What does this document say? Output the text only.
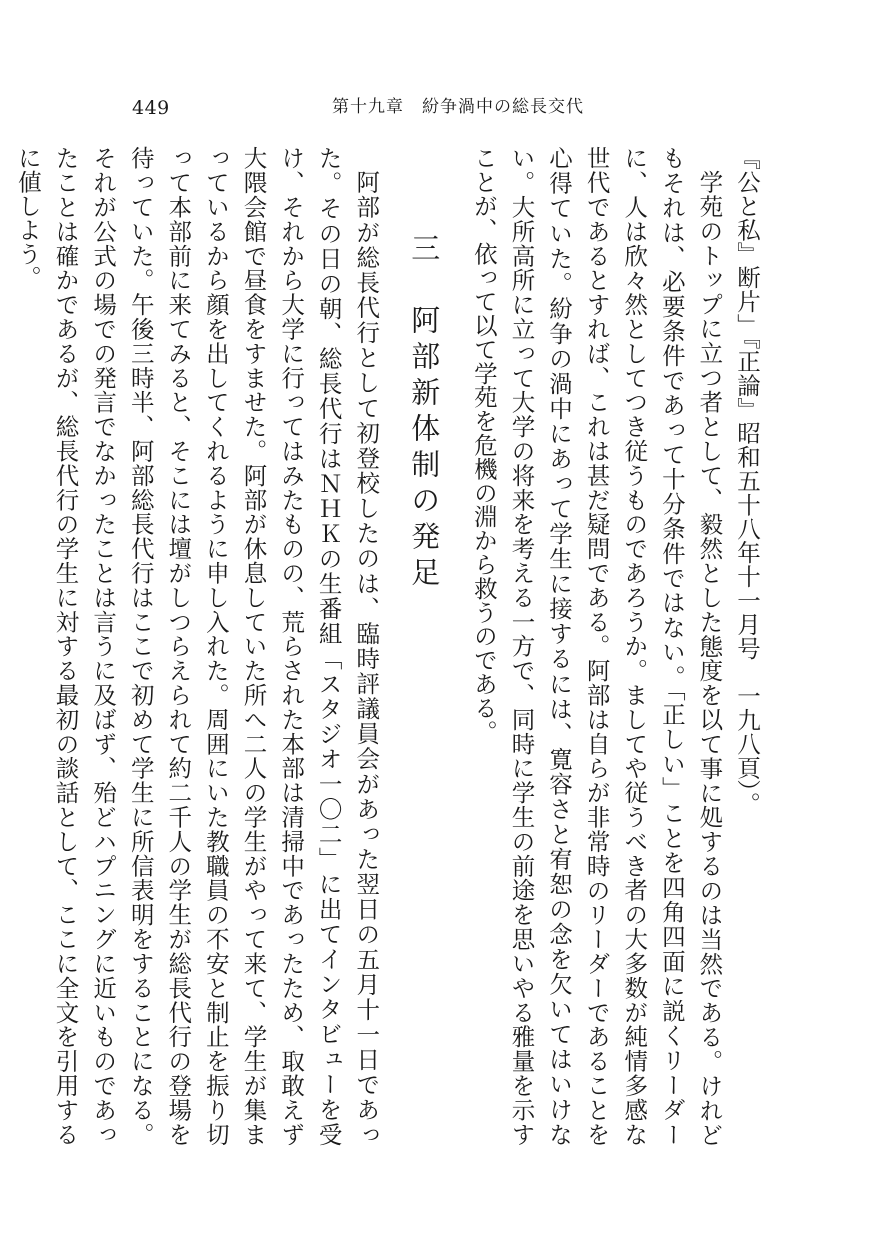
449	第十九章　紛争渦中の総長交代

『公と私』断片」『正論』昭和五十八年十一月号　一九八頁）。

学苑のトップに立つ者として、毅然とした態度を以て事に処するのは当然である。けれどもそれは、必要条件であって十分条件ではない。「正しい」ことを四角四面に説くリーダーに、人は欣々然としてつき従うものであろうか。ましてや従うべき者の大多数が純情多感な世代であるとすれば、これは甚だ疑問である。阿部は自らが非常時のリーダーであることを心得ていた。紛争の渦中にあって学生に接するには、寛容さと宥恕の念を欠いてはいけない。大所高所に立って大学の将来を考える一方で、同時に学生の前途を思いやる雅量を示すことが、依って以て学苑を危機の淵から救うのである。

三　阿部新体制の発足

阿部が総長代行として初登校したのは、臨時評議員会があった翌日の五月十一日であった。その日の朝、総長代行はＮＨＫの生番組「スタジオ一〇二」に出てインタビューを受け、それから大学に行ってはみたものの、荒らされた本部は清掃中であったため、取敢えず大隈会館で昼食をすませた。阿部が休息していた所へ二人の学生がやって来て、学生が集まっているから顔を出してくれるように申し入れた。周囲にいた教職員の不安と制止を振り切って本部前に来てみると、そこには壇がしつらえられて約二千人の学生が総長代行の登場を待っていた。午後三時半、阿部総長代行はここで初めて学生に所信表明をすることになる。それが公式の場での発言でなかったことは言うに及ばず、殆どハプニングに近いものであったことは確かであるが、総長代行の学生に対する最初の談話として、ここに全文を引用するに値しよう。
